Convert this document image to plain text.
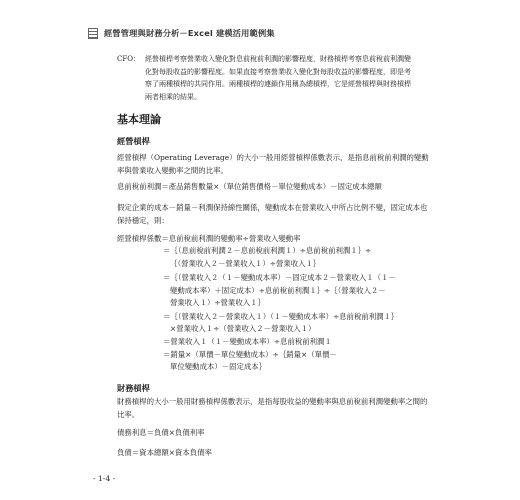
經營管理與財務分析－Excel 建模活用範例集
CFO： 經營槓桿考察營業收入變化對息前稅前利潤的影響程度，財務槓桿考察息前稅前利潤變化對每股收益的影響程度。如果直接考察營業收入變化對每股收益的影響程度，即是考察了兩種槓桿的共同作用。兩種槓桿的連鎖作用稱為總槓桿，它是經營槓桿與財務槓桿兩者相乘的結果。
基本理論
經營槓桿
經營槓桿（Operating Leverage）的大小一般用經營槓桿係數表示，是指息前稅前利潤的變動率與營業收入變動率之間的比率。
息前稅前利潤＝產品銷售數量×（單位銷售價格－單位變動成本）－固定成本總額
假定企業的成本－銷量－利潤保持線性關係，變動成本在營業收入中所占比例不變，固定成本也保持穩定，則：
經營槓桿係數＝息前稅前利潤的變動率÷營業收入變動率
＝｛（息前稅前利潤２－息前稅前利潤１）÷息前稅前利潤１｝÷
｛（營業收入２－營業收入１）÷營業收入１｝
＝｛（營業收入２（１－變動成本率）－固定成本２－營業收入１（１－
變動成本率）＋固定成本）÷息前稅前利潤１｝÷｛（營業收入２－
營業收入１）÷營業收入１｝
＝｛（營業收入２－營業收入１）（１－變動成本率）÷息前稅前利潤１｝
×營業收入１÷（營業收入２－營業收入１）
＝營業收入１（１－變動成本率）÷息前稅前利潤１
＝銷量×（單價－單位變動成本）÷｛銷量×（單價－
單位變動成本）－固定成本｝
財務槓桿
財務槓桿的大小一般用財務槓桿係數表示，是指每股收益的變動率與息前稅前利潤變動率之間的比率。
債務利息＝負債×負債利率
負債＝資本總額×資本負債率
- 1-4 -
